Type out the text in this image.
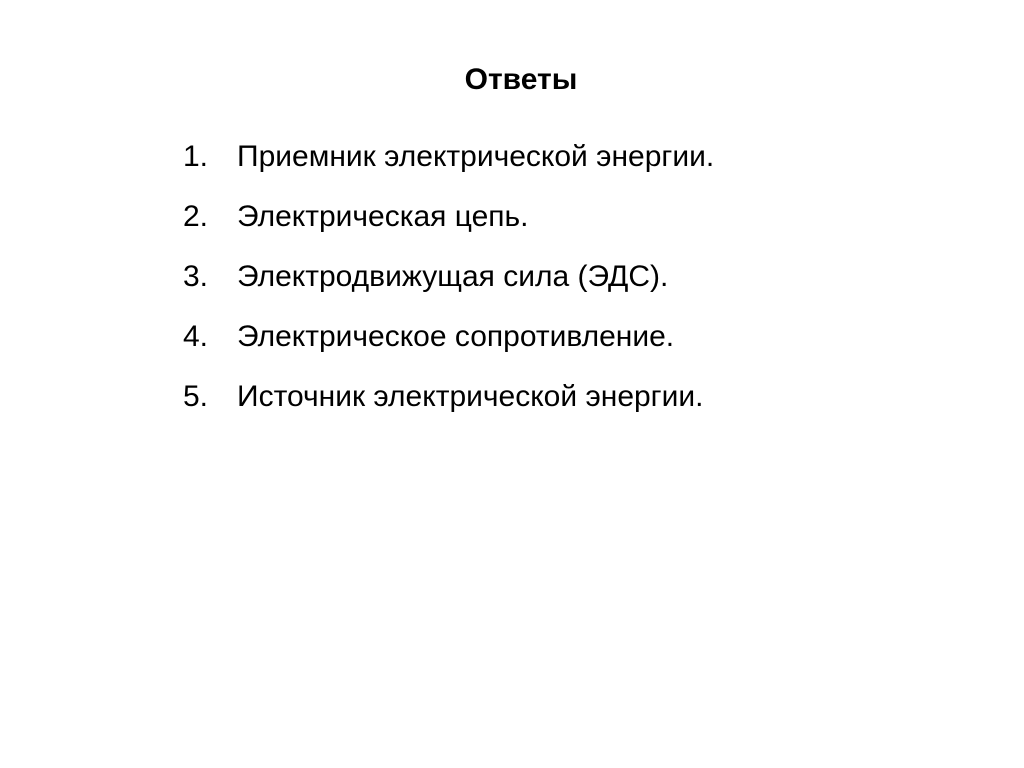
Ответы
1. Приемник электрической энергии.
2. Электрическая цепь.
3. Электродвижущая сила (ЭДС).
4. Электрическое сопротивление.
5. Источник электрической энергии.
